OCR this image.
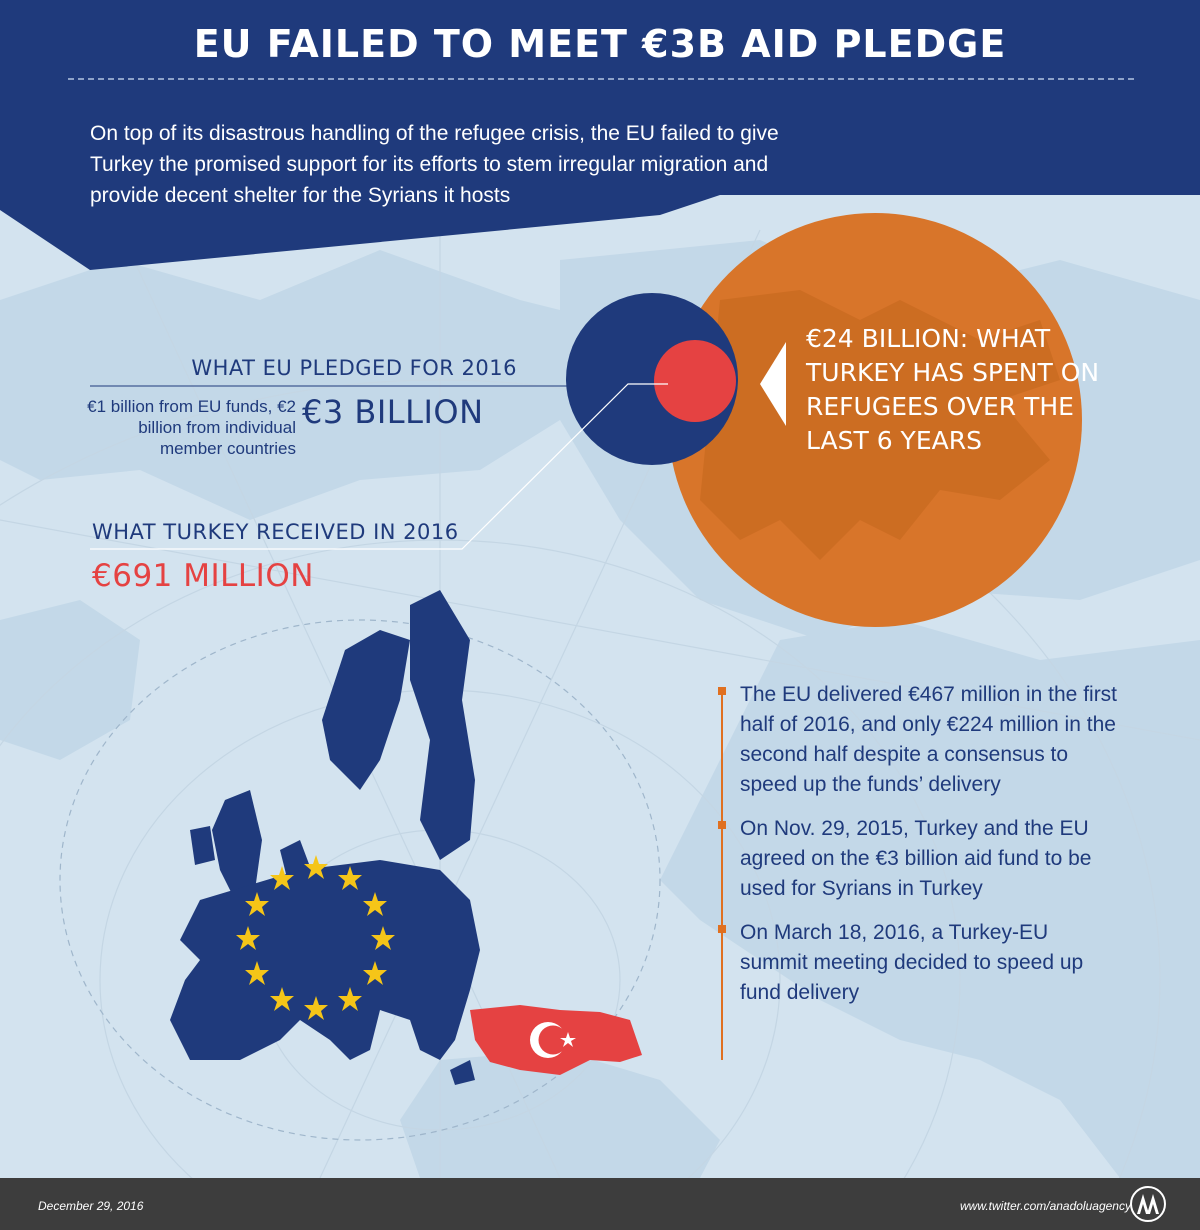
EU FAILED TO MEET €3B AID PLEDGE

On top of its disastrous handling of the refugee crisis, the EU failed to give Turkey the promised support for its efforts to stem irregular migration and provide decent shelter for the Syrians it hosts

WHAT EU PLEDGED FOR 2016
€1 billion from EU funds, €2 billion from individual member countries
€3 BILLION
WHAT TURKEY RECEIVED IN 2016
€691 MILLION
€24 BILLION: WHAT TURKEY HAS SPENT ON REFUGEES OVER THE LAST 6 YEARS
The EU delivered €467 million in the first half of 2016, and only €224 million in the second half despite a consensus to speed up the funds’ delivery
On Nov. 29, 2015, Turkey and the EU agreed on the €3 billion aid fund to be used for Syrians in Turkey
On March 18, 2016, a Turkey-EU summit meeting decided to speed up fund delivery
December 29, 2016	www.twitter.com/anadoluagency
